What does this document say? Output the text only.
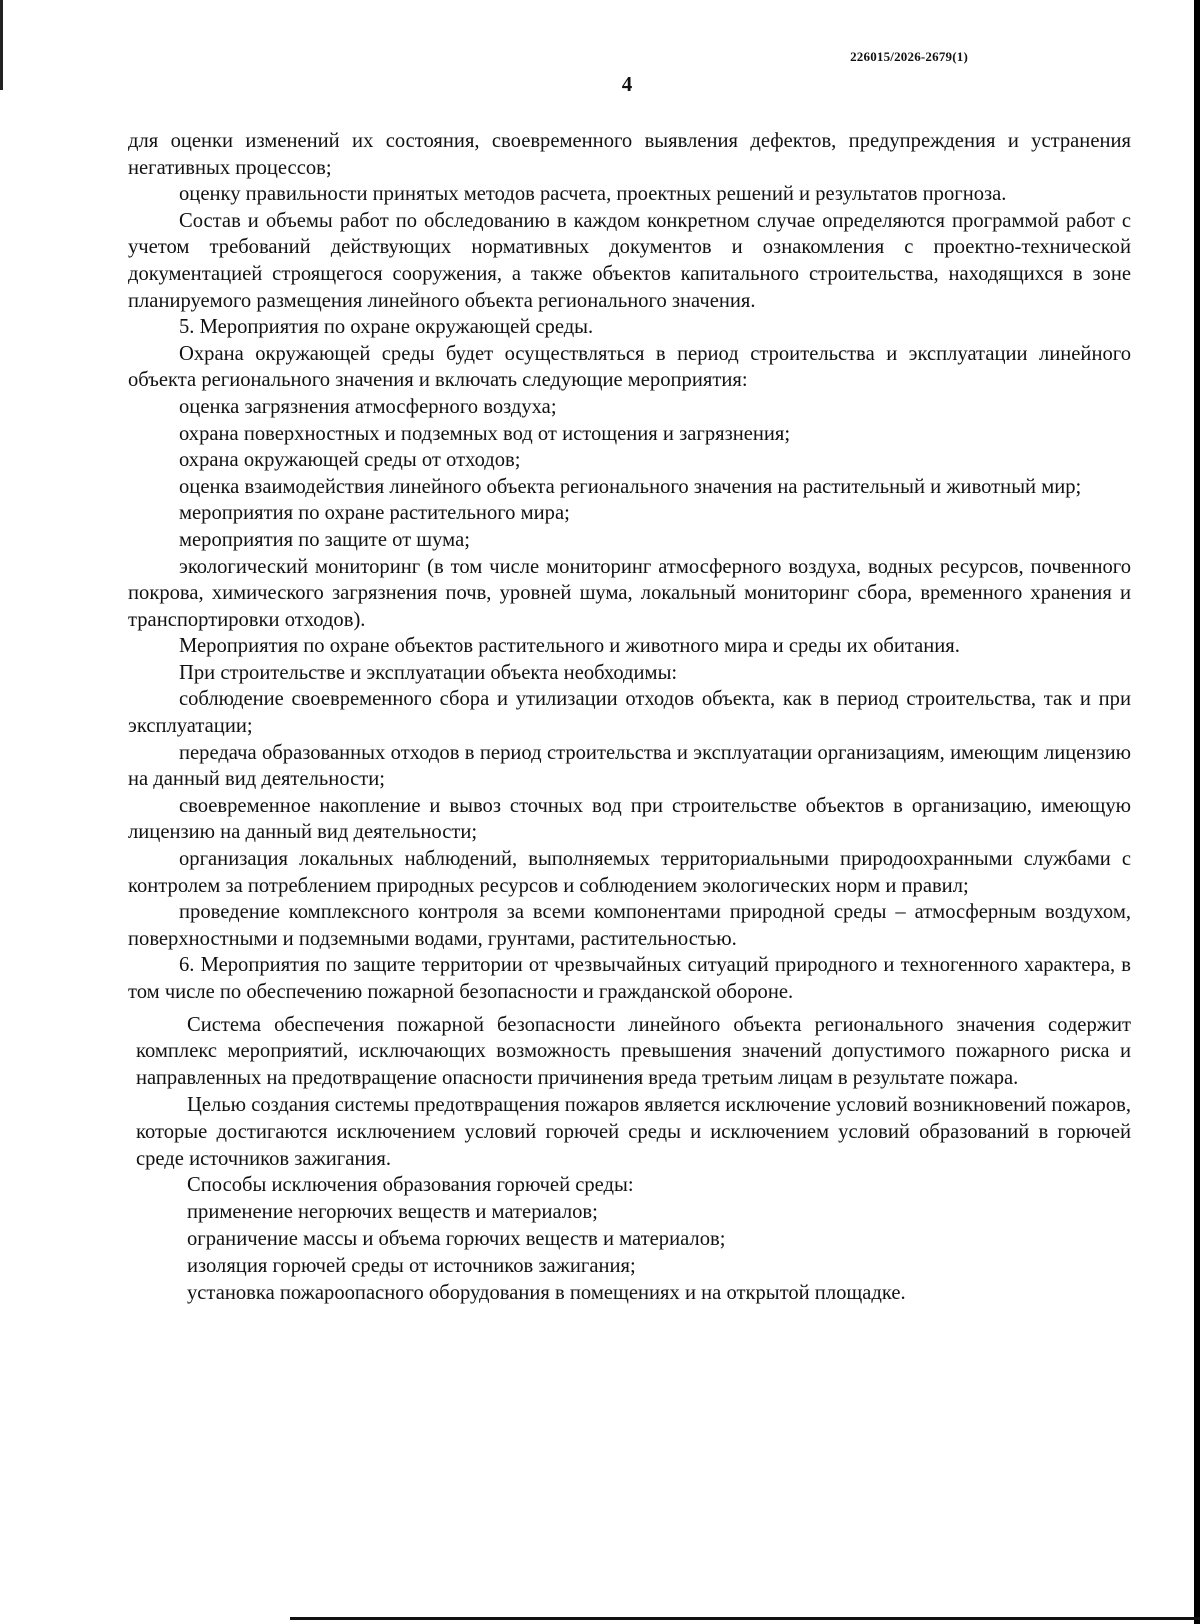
226015/2026-2679(1)
4

для оценки изменений их состояния, своевременного выявления дефектов, предупреждения и устранения негативных процессов;

оценку правильности принятых методов расчета, проектных решений и результатов прогноза.

Состав и объемы работ по обследованию в каждом конкретном случае определяются программой работ с учетом требований действующих нормативных документов и ознакомления с проектно-технической документацией строящегося сооружения, а также объектов капитального строительства, находящихся в зоне планируемого размещения линейного объекта регионального значения.

5. Мероприятия по охране окружающей среды.

Охрана окружающей среды будет осуществляться в период строительства и эксплуатации линейного объекта регионального значения и включать следующие мероприятия:

оценка загрязнения атмосферного воздуха;

охрана поверхностных и подземных вод от истощения и загрязнения;

охрана окружающей среды от отходов;

оценка взаимодействия линейного объекта регионального значения на растительный и животный мир;

мероприятия по охране растительного мира;

мероприятия по защите от шума;

экологический мониторинг (в том числе мониторинг атмосферного воздуха, водных ресурсов, почвенного покрова, химического загрязнения почв, уровней шума, локальный мониторинг сбора, временного хранения и транспортировки отходов).

Мероприятия по охране объектов растительного и животного мира и среды их обитания.

При строительстве и эксплуатации объекта необходимы:

соблюдение своевременного сбора и утилизации отходов объекта, как в период строительства, так и при эксплуатации;

передача образованных отходов в период строительства и эксплуатации организациям, имеющим лицензию на данный вид деятельности;

своевременное накопление и вывоз сточных вод при строительстве объектов в организацию, имеющую лицензию на данный вид деятельности;

организация локальных наблюдений, выполняемых территориальными природоохранными службами с контролем за потреблением природных ресурсов и соблюдением экологических норм и правил;

проведение комплексного контроля за всеми компонентами природной среды – атмосферным воздухом, поверхностными и подземными водами, грунтами, растительностью.

6. Мероприятия по защите территории от чрезвычайных ситуаций природного и техногенного характера, в том числе по обеспечению пожарной безопасности и гражданской обороне.

Система обеспечения пожарной безопасности линейного объекта регионального значения содержит комплекс мероприятий, исключающих возможность превышения значений допустимого пожарного риска и направленных на предотвращение опасности причинения вреда третьим лицам в результате пожара.

Целью создания системы предотвращения пожаров является исключение условий возникновений пожаров, которые достигаются исключением условий горючей среды и исключением условий образований в горючей среде источников зажигания.

Способы исключения образования горючей среды:

применение негорючих веществ и материалов;

ограничение массы и объема горючих веществ и материалов;

изоляция горючей среды от источников зажигания;

установка пожароопасного оборудования в помещениях и на открытой площадке.
